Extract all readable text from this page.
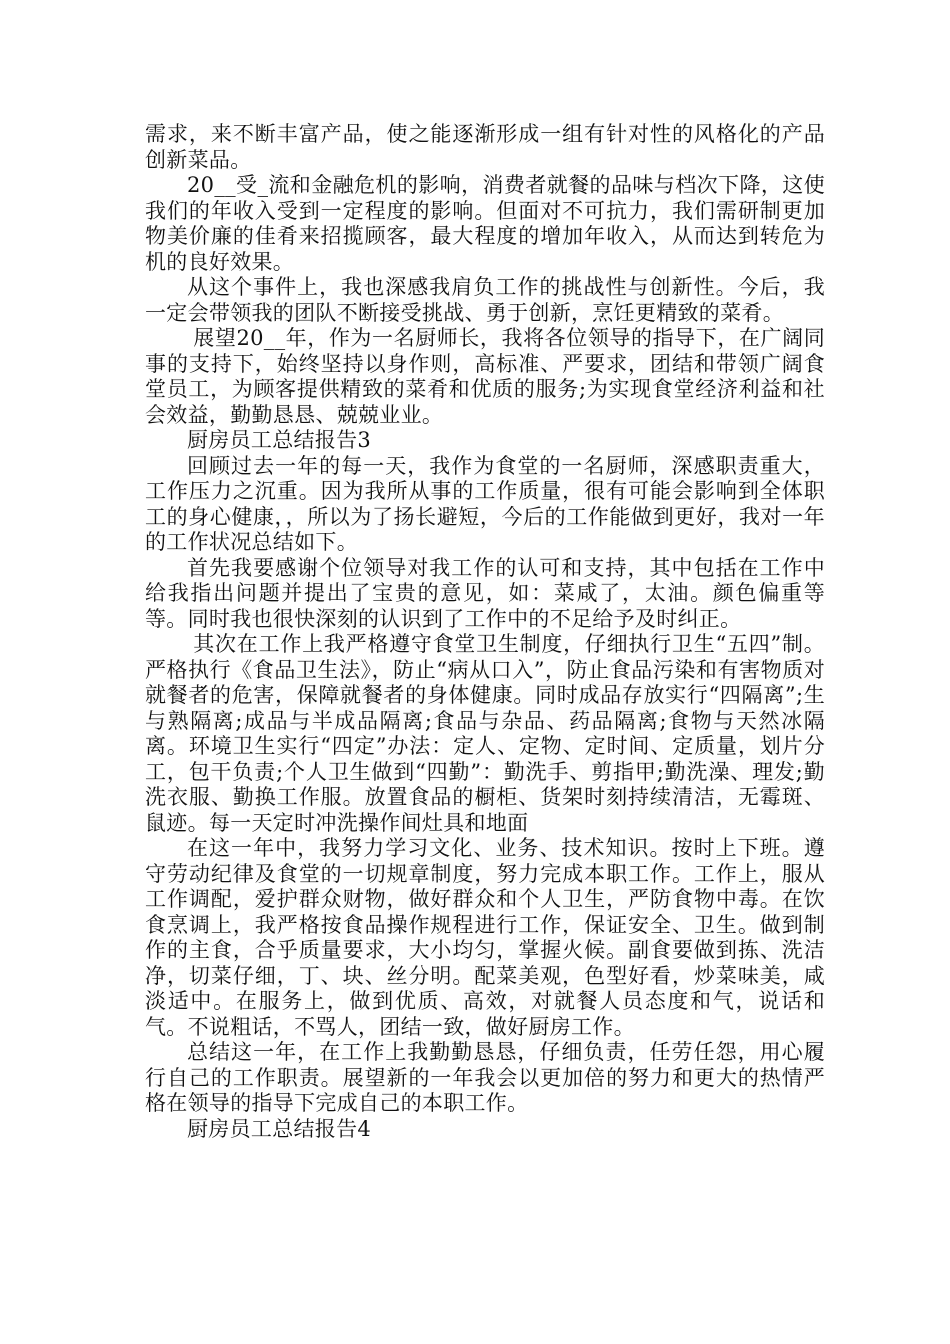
需求，来不断丰富产品，使之能逐渐形成一组有针对性的风格化的产品创新菜品。

20__受_流和金融危机的影响，消费者就餐的品味与档次下降，这使我们的年收入受到一定程度的影响。但面对不可抗力，我们需研制更加物美价廉的佳肴来招揽顾客，最大程度的增加年收入，从而达到转危为机的良好效果。

从这个事件上，我也深感我肩负工作的挑战性与创新性。今后，我一定会带领我的团队不断接受挑战、勇于创新，烹饪更精致的菜肴。

展望20__年，作为一名厨师长，我将各位领导的指导下，在广阔同事的支持下，始终坚持以身作则，高标准、严要求，团结和带领广阔食堂员工，为顾客提供精致的菜肴和优质的服务;为实现食堂经济利益和社会效益，勤勤恳恳、兢兢业业。

厨房员工总结报告3

回顾过去一年的每一天，我作为食堂的一名厨师，深感职责重大，工作压力之沉重。因为我所从事的工作质量，很有可能会影响到全体职工的身心健康，，所以为了扬长避短，今后的工作能做到更好，我对一年的工作状况总结如下。

首先我要感谢个位领导对我工作的认可和支持，其中包括在工作中给我指出问题并提出了宝贵的意见，如：菜咸了，太油。颜色偏重等等。同时我也很快深刻的认识到了工作中的不足给予及时纠正。

其次在工作上我严格遵守食堂卫生制度，仔细执行卫生“五四”制。严格执行《食品卫生法》，防止“病从口入”，防止食品污染和有害物质对就餐者的危害，保障就餐者的身体健康。同时成品存放实行“四隔离”;生与熟隔离;成品与半成品隔离;食品与杂品、药品隔离;食物与天然冰隔离。环境卫生实行“四定”办法：定人、定物、定时间、定质量，划片分工，包干负责;个人卫生做到“四勤”：勤洗手、剪指甲;勤洗澡、理发;勤洗衣服、勤换工作服。放置食品的橱柜、货架时刻持续清洁，无霉斑、鼠迹。每一天定时冲洗操作间灶具和地面

在这一年中，我努力学习文化、业务、技术知识。按时上下班。遵守劳动纪律及食堂的一切规章制度，努力完成本职工作。工作上，服从工作调配，爱护群众财物，做好群众和个人卫生，严防食物中毒。在饮食烹调上，我严格按食品操作规程进行工作，保证安全、卫生。做到制作的主食，合乎质量要求，大小均匀，掌握火候。副食要做到拣、洗洁净，切菜仔细，丁、块、丝分明。配菜美观，色型好看，炒菜味美，咸淡适中。在服务上，做到优质、高效，对就餐人员态度和气，说话和气。不说粗话，不骂人，团结一致，做好厨房工作。

总结这一年，在工作上我勤勤恳恳，仔细负责，任劳任怨，用心履行自己的工作职责。展望新的一年我会以更加倍的努力和更大的热情严格在领导的指导下完成自己的本职工作。

厨房员工总结报告4
